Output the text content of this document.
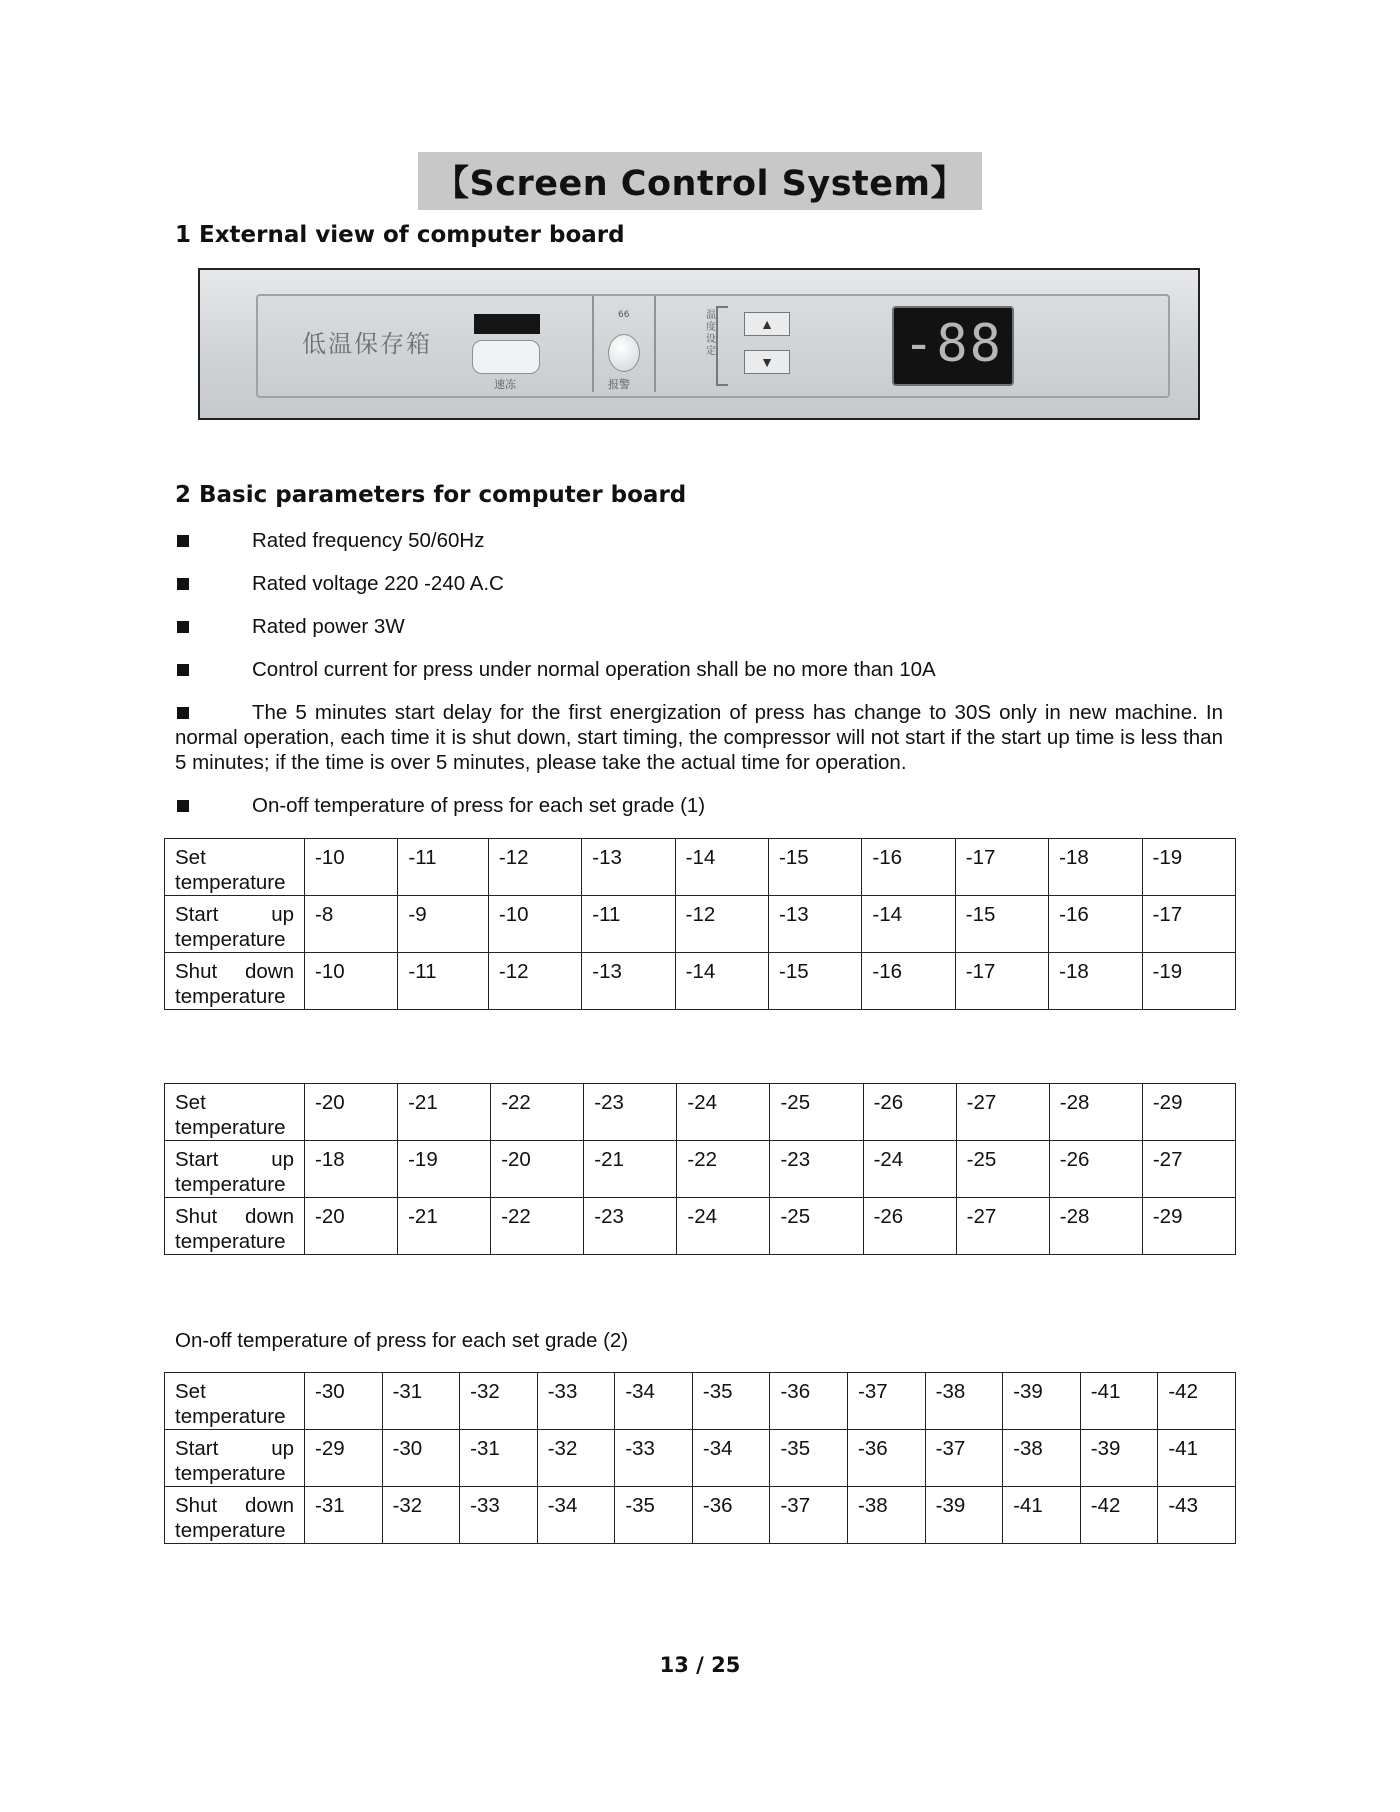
【Screen Control System】
1 External view of computer board
低温保存箱
速冻
66
报警
温度设定
▲
▼	-88
2 Basic parameters for computer board
Rated frequency 50/60Hz
Rated voltage 220 -240 A.C
Rated power 3W
Control current for press under normal operation shall be no more than 10A
The 5 minutes start delay for the first energization of press has change to 30S only in new machine. In normal operation, each time it is shut down, start timing, the compressor will not start if the start up time is less than 5 minutes; if the time is over 5 minutes, please take the actual time for operation.
On-off temperature of press for each set grade (1)
Set
temperature	-10	-11	-12	-13	-14	-15	-16	-17	-18	-19

Start up
temperature	-8	-9	-10	-11	-12	-13	-14	-15	-16	-17

Shut down
temperature	-10	-11	-12	-13	-14	-15	-16	-17	-18	-19
Set
temperature	-20	-21	-22	-23	-24	-25	-26	-27	-28	-29

Start up
temperature	-18	-19	-20	-21	-22	-23	-24	-25	-26	-27

Shut down
temperature	-20	-21	-22	-23	-24	-25	-26	-27	-28	-29
On-off temperature of press for each set grade (2)
Set
temperature	-30	-31	-32	-33	-34	-35	-36	-37	-38	-39	-41	-42

Start up
temperature	-29	-30	-31	-32	-33	-34	-35	-36	-37	-38	-39	-41

Shut down
temperature	-31	-32	-33	-34	-35	-36	-37	-38	-39	-41	-42	-43
13 / 25
